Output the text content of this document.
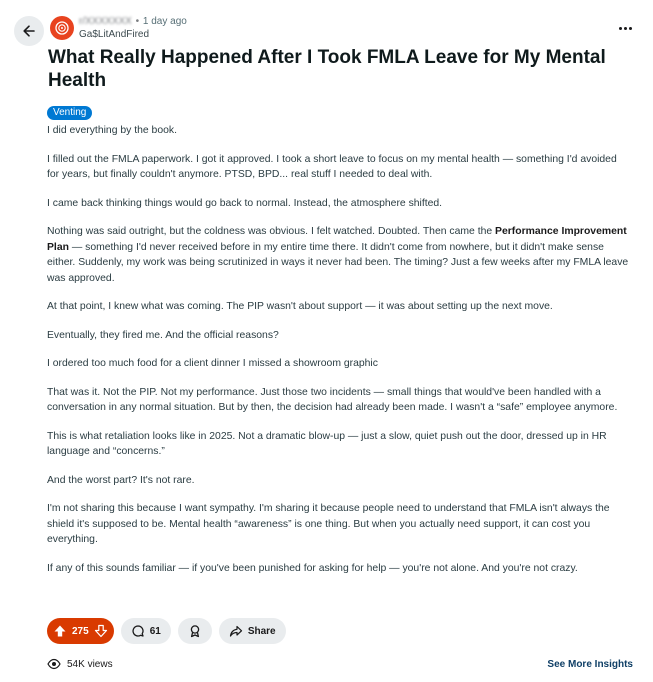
r/XXXXXXX • 1 day ago
Ga$LitAndFired
What Really Happened After I Took FMLA Leave for My Mental Health
Venting

I did everything by the book.

I filled out the FMLA paperwork. I got it approved. I took a short leave to focus on my mental health — something I'd avoided for years, but finally couldn't anymore. PTSD, BPD... real stuff I needed to deal with.

I came back thinking things would go back to normal. Instead, the atmosphere shifted.

Nothing was said outright, but the coldness was obvious. I felt watched. Doubted. Then came the Performance Improvement Plan — something I'd never received before in my entire time there. It didn't come from nowhere, but it didn't make sense either. Suddenly, my work was being scrutinized in ways it never had been. The timing? Just a few weeks after my FMLA leave was approved.

At that point, I knew what was coming. The PIP wasn't about support — it was about setting up the next move.

Eventually, they fired me. And the official reasons?

I ordered too much food for a client dinner I missed a showroom graphic

That was it. Not the PIP. Not my performance. Just those two incidents — small things that would've been handled with a conversation in any normal situation. But by then, the decision had already been made. I wasn't a “safe” employee anymore.

This is what retaliation looks like in 2025. Not a dramatic blow-up — just a slow, quiet push out the door, dressed up in HR language and “concerns.”

And the worst part? It's not rare.

I'm not sharing this because I want sympathy. I'm sharing it because people need to understand that FMLA isn't always the shield it's supposed to be. Mental health “awareness” is one thing. But when you actually need support, it can cost you everything.

If any of this sounds familiar — if you've been punished for asking for help — you're not alone. And you're not crazy.

275	61	Share
54K views	See More Insights
